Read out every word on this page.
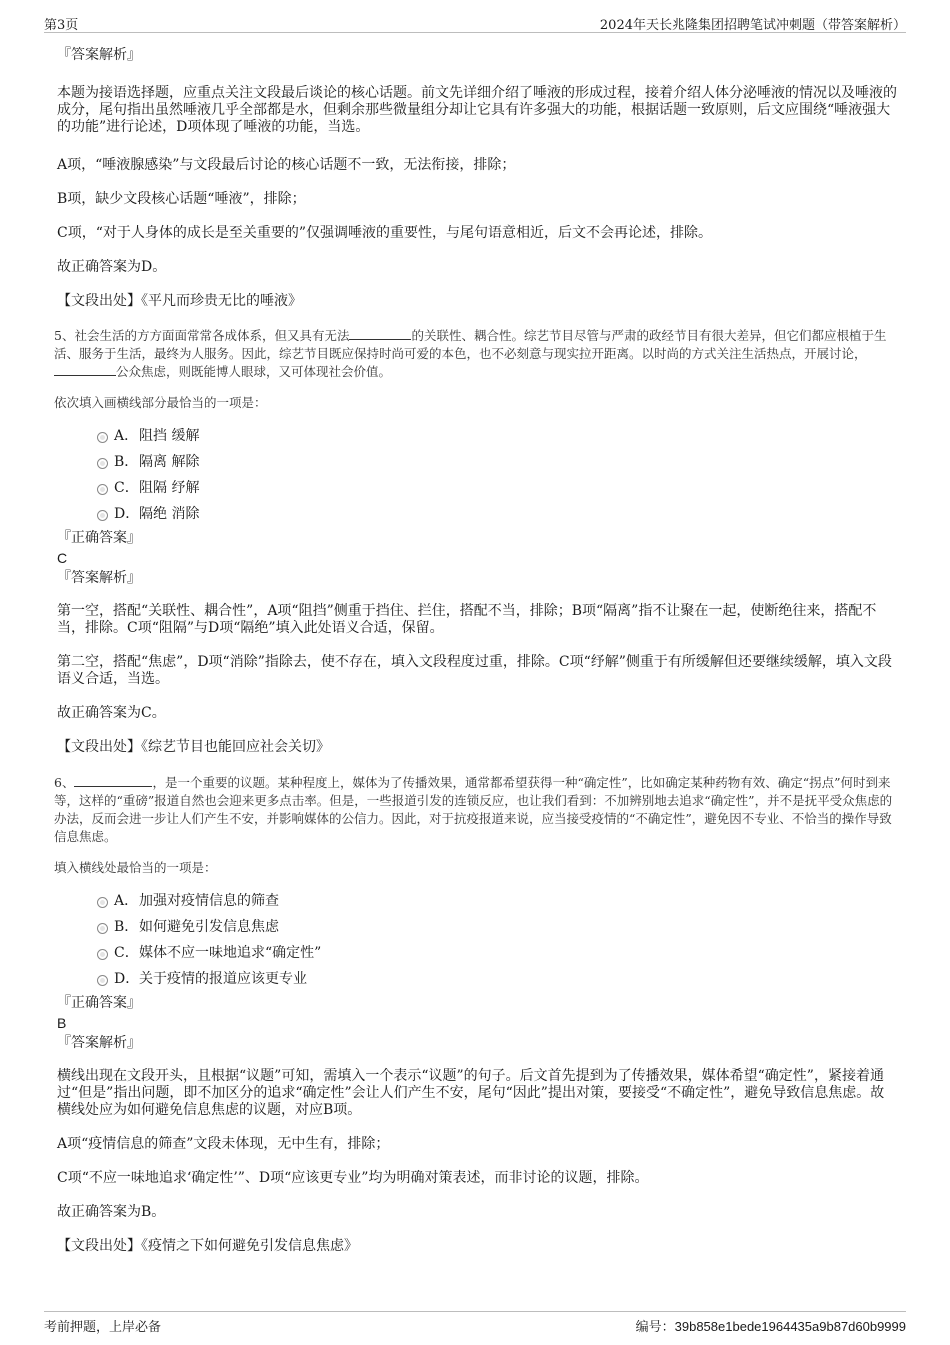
第3页	2024年天长兆隆集团招聘笔试冲刺题（带答案解析）

『答案解析』

本题为接语选择题，应重点关注文段最后谈论的核心话题。前文先详细介绍了唾液的形成过程，接着介绍人体分泌唾液的情况以及唾液的成分，尾句指出虽然唾液几乎全部都是水，但剩余那些微量组分却让它具有许多强大的功能，根据话题一致原则，后文应围绕“唾液强大的功能”进行论述，D项体现了唾液的功能，当选。

A项，“唾液腺感染”与文段最后讨论的核心话题不一致，无法衔接，排除；

B项，缺少文段核心话题“唾液”，排除；

C项，“对于人身体的成长是至关重要的”仅强调唾液的重要性，与尾句语意相近，后文不会再论述，排除。

故正确答案为D。

【文段出处】《平凡而珍贵无比的唾液》

5、社会生活的方方面面常常各成体系，但又具有无法	的关联性、耦合性。综艺节目尽管与严肃的政经节目有很大差异，但它们都应根植于生活、服务于生活，最终为人服务。因此，综艺节目既应保持时尚可爱的本色，也不必刻意与现实拉开距离。以时尚的方式关注生活热点，开展讨论，公众焦虑，则既能博人眼球，又可体现社会价值。

依次填入画横线部分最恰当的一项是：

A．阻挡 缓解
B．隔离 解除
C．阻隔 纾解
D．隔绝 消除

『正确答案』

C

『答案解析』

第一空，搭配“关联性、耦合性”，A项“阻挡”侧重于挡住、拦住，搭配不当，排除；B项“隔离”指不让聚在一起，使断绝往来，搭配不当，排除。C项“阻隔”与D项“隔绝”填入此处语义合适，保留。

第二空，搭配“焦虑”，D项“消除”指除去，使不存在，填入文段程度过重，排除。C项“纾解”侧重于有所缓解但还要继续缓解，填入文段语义合适，当选。

故正确答案为C。

【文段出处】《综艺节目也能回应社会关切》

6、	，是一个重要的议题。某种程度上，媒体为了传播效果，通常都希望获得一种“确定性”，比如确定某种药物有效、确定“拐点”何时到来等，这样的“重磅”报道自然也会迎来更多点击率。但是，一些报道引发的连锁反应，也让我们看到：不加辨别地去追求“确定性”，并不是抚平受众焦虑的办法，反而会进一步让人们产生不安，并影响媒体的公信力。因此，对于抗疫报道来说，应当接受疫情的“不确定性”，避免因不专业、不恰当的操作导致信息焦虑。

填入横线处最恰当的一项是：

A．加强对疫情信息的筛查
B．如何避免引发信息焦虑
C．媒体不应一味地追求“确定性”
D．关于疫情的报道应该更专业

『正确答案』

B

『答案解析』

横线出现在文段开头，且根据“议题”可知，需填入一个表示“议题”的句子。后文首先提到为了传播效果，媒体希望“确定性”，紧接着通过“但是”指出问题，即不加区分的追求“确定性”会让人们产生不安，尾句“因此”提出对策，要接受“不确定性”，避免导致信息焦虑。故横线处应为如何避免信息焦虑的议题，对应B项。

A项“疫情信息的筛查”文段未体现，无中生有，排除；

C项“不应一味地追求‘确定性’”、D项“应该更专业”均为明确对策表述，而非讨论的议题，排除。

故正确答案为B。

【文段出处】《疫情之下如何避免引发信息焦虑》

考前押题，上岸必备	编号：39b858e1bede1964435a9b87d60b9999
